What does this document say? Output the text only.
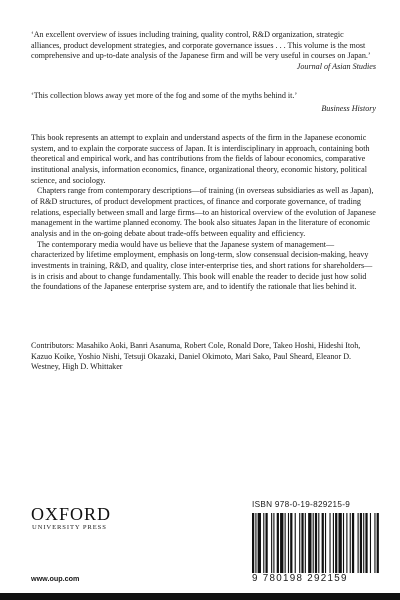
‘An excellent overview of issues including training, quality control, R&D organization, strategic alliances, product development strategies, and corporate governance issues . . . This volume is the most comprehensive and up-to-date analysis of the Japanese firm and will be very useful in courses on Japan.’

Journal of Asian Studies

‘This collection blows away yet more of the fog and some of the myths behind it.’

Business History

This book represents an attempt to explain and understand aspects of the firm in the Japanese economic system, and to explain the corporate success of Japan. It is interdisciplinary in approach, containing both theoretical and empirical work, and has contributions from the fields of labour economics, comparative institutional analysis, information economics, finance, organizational theory, economic history, political science, and sociology.

Chapters range from contemporary descriptions—of training (in overseas subsidiaries as well as Japan), of R&D structures, of product development practices, of finance and corporate governance, of trading relations, especially between small and large firms—to an historical overview of the evolution of Japanese management in the wartime planned economy. The book also situates Japan in the literature of economic analysis and in the on-going debate about trade-offs between equality and efficiency.

The contemporary media would have us believe that the Japanese system of management—characterized by lifetime employment, emphasis on long-term, slow consensual decision-making, heavy investments in training, R&D, and quality, close inter-enterprise ties, and short rations for shareholders—is in crisis and about to change fundamentally. This book will enable the reader to decide just how solid the foundations of the Japanese enterprise system are, and to identify the rationale that lies behind it.

Contributors: Masahiko Aoki, Banri Asanuma, Robert Cole, Ronald Dore, Takeo Hoshi, Hideshi Itoh, Kazuo Koike, Yoshio Nishi, Tetsuji Okazaki, Daniel Okimoto, Mari Sako, Paul Sheard, Eleanor D. Westney, High D. Whittaker

OXFORD
UNIVERSITY PRESS
www.oup.com
ISBN 978-0-19-829215-9
9 780198 292159
